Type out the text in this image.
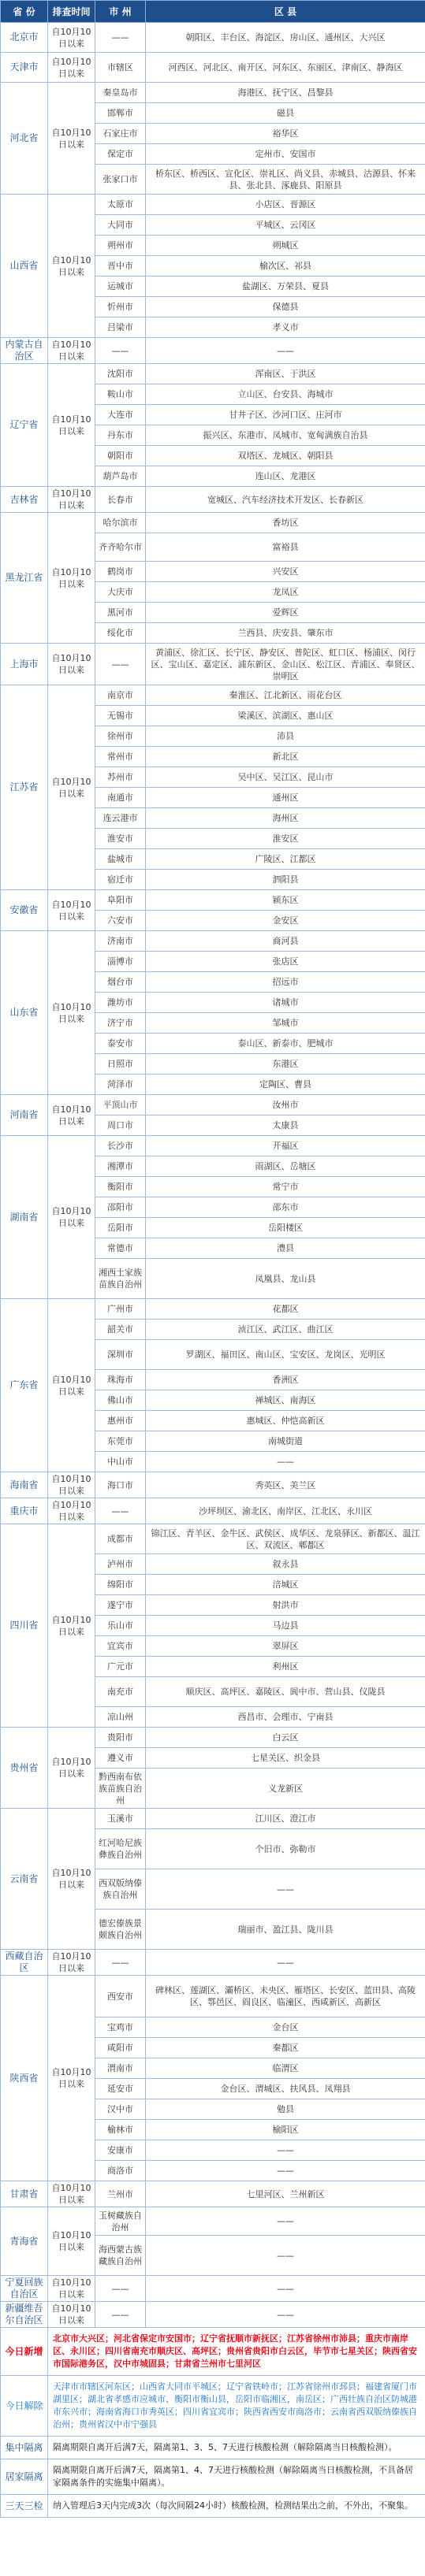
省 份	排查时间	市 州	区 县
北京市	自10月10日以来	——	朝阳区、丰台区、海淀区、房山区、通州区、大兴区
天津市	自10月10日以来	市辖区	河西区、河北区、南开区、河东区、东丽区、津南区、静海区
河北省	自10月10日以来	秦皇岛市	海港区、抚宁区、昌黎县
		邯郸市	磁县
		石家庄市	裕华区
		保定市	定州市、安国市
		张家口市	桥东区、桥西区、宣化区、崇礼区、尚义县、赤城县、沽源县、怀来县、张北县、涿鹿县、阳原县
山西省	自10月10日以来	太原市	小店区、晋源区
		大同市	平城区、云冈区
		朔州市	朔城区
		晋中市	榆次区、祁县
		运城市	盐湖区、万荣县、夏县
		忻州市	保德县
		吕梁市	孝义市
内蒙古自治区	自10月10日以来	——	——
辽宁省	自10月10日以来	沈阳市	浑南区、于洪区
		鞍山市	立山区、台安县、海城市
		大连市	甘井子区、沙河口区、庄河市
		丹东市	振兴区、东港市、凤城市、宽甸满族自治县
		朝阳市	双塔区、龙城区、朝阳县
		葫芦岛市	连山区、龙港区
吉林省	自10月10日以来	长春市	宽城区、汽车经济技术开发区、长春新区
黑龙江省	自10月10日以来	哈尔滨市	香坊区
		齐齐哈尔市	富裕县
		鹤岗市	兴安区
		大庆市	龙凤区
		黑河市	爱辉区
		绥化市	兰西县、庆安县、肇东市
上海市	自10月10日以来	——	黄浦区、徐汇区、长宁区、静安区、普陀区、虹口区、杨浦区、闵行区、宝山区、嘉定区、浦东新区、金山区、松江区、青浦区、奉贤区、崇明区
江苏省	自10月10日以来	南京市	秦淮区、江北新区、雨花台区
		无锡市	梁溪区、滨湖区、惠山区
		徐州市	沛县
		常州市	新北区
		苏州市	吴中区、吴江区、昆山市
		南通市	通州区
		连云港市	海州区
		淮安市	淮安区
		盐城市	广陵区、江都区
		宿迁市	泗阳县
安徽省	自10月10日以来	阜阳市	颍东区
		六安市	金安区
山东省	自10月10日以来	济南市	商河县
		淄博市	张店区
		烟台市	招远市
		潍坊市	诸城市
		济宁市	邹城市
		泰安市	泰山区、新泰市、肥城市
		日照市	东港区
		菏泽市	定陶区、曹县
河南省	自10月10日以来	平顶山市	汝州市
		周口市	太康县
湖南省	自10月10日以来	长沙市	开福区
		湘潭市	雨湖区、岳塘区
		衡阳市	常宁市
		邵阳市	邵东市
		岳阳市	岳阳楼区
		常德市	澧县
		湘西土家族苗族自治州	凤凰县、龙山县
广东省	自10月10日以来	广州市	花都区
		韶关市	浈江区、武江区、曲江区
		深圳市	罗湖区、福田区、南山区、宝安区、龙岗区、光明区
		珠海市	香洲区
		佛山市	禅城区、南海区
		惠州市	惠城区、仲恺高新区
		东莞市	南城街道
		中山市	——
海南省	自10月10日以来	海口市	秀英区、美兰区
重庆市	自10月10日以来	——	沙坪坝区、渝北区、南岸区、江北区、永川区
四川省	自10月10日以来	成都市	锦江区、青羊区、金牛区、武侯区、成华区、龙泉驿区、新都区、温江区、双流区、郫都区
		泸州市	叙永县
		绵阳市	涪城区
		遂宁市	射洪市
		乐山市	马边县
		宜宾市	翠屏区
		广元市	利州区
		南充市	顺庆区、高坪区、嘉陵区、阆中市、营山县、仪陇县
		凉山州	西昌市、会理市、宁南县
贵州省	自10月10日以来	贵阳市	白云区
		遵义市	七星关区、织金县
		黔西南布依族苗族自治州	义龙新区
云南省	自10月10日以来	玉溪市	江川区、澄江市
		红河哈尼族彝族自治州	个旧市、弥勒市
		西双版纳傣族自治州	——
		德宏傣族景颇族自治州	瑞丽市、盈江县、陇川县
西藏自治区	自10月10日以来	——	——
陕西省	自10月10日以来	西安市	碑林区、莲湖区、灞桥区、未央区、雁塔区、长安区、蓝田县、高陵区、鄠邑区、阎良区、临潼区、西咸新区、高新区
		宝鸡市	金台区
		咸阳市	秦都区
		渭南市	临渭区
		延安市	金台区、渭城区、扶风县、凤翔县
		汉中市	勉县
		榆林市	榆阳区
		安康市	——
		商洛市	——
甘肃省	自10月10日以来	兰州市	七里河区、兰州新区
青海省	自10月10日以来	玉树藏族自治州	——
		海西蒙古族藏族自治州	——
宁夏回族自治区	自10月10日以来	——	——
新疆维吾尔自治区	自10月10日以来	——	——
今日新增	北京市大兴区；河北省保定市安国市；辽宁省抚顺市新抚区；江苏省徐州市沛县；重庆市南岸区、永川区；四川省南充市顺庆区、高坪区；贵州省贵阳市白云区，毕节市七星关区；陕西省安市国际港务区，汉中市城固县；甘肃省兰州市七里河区		
今日解除	天津市市辖区河东区；山西省大同市平城区；辽宁省铁岭市；江苏省徐州市邳县；福建省厦门市湖里区；湖北省孝感市应城市、衡阳市衡山县，岳阳市临湘区，南岳区；广西壮族自治区防城港市东兴市；海南省海口市秀英区；四川省宜宾市；陕西省西安市商洛市；云南省西双版纳傣族自治州；贵州省汉中市宁强县		
集中隔离	隔离期限自离开后满7天，隔离第1、3、5、7天进行核酸检测（解除隔离当日核酸检测）。		
居家隔离	隔离期限自离开后满7天，隔离第1、4、7天进行核酸检测（解除隔离当日核酸检测，不具备居家隔离条件的实施集中隔离）。		
三天三检	纳入管理后3天内完成3次（每次间隔24小时）核酸检测，检测结果出之前，不外出，不聚集。		
